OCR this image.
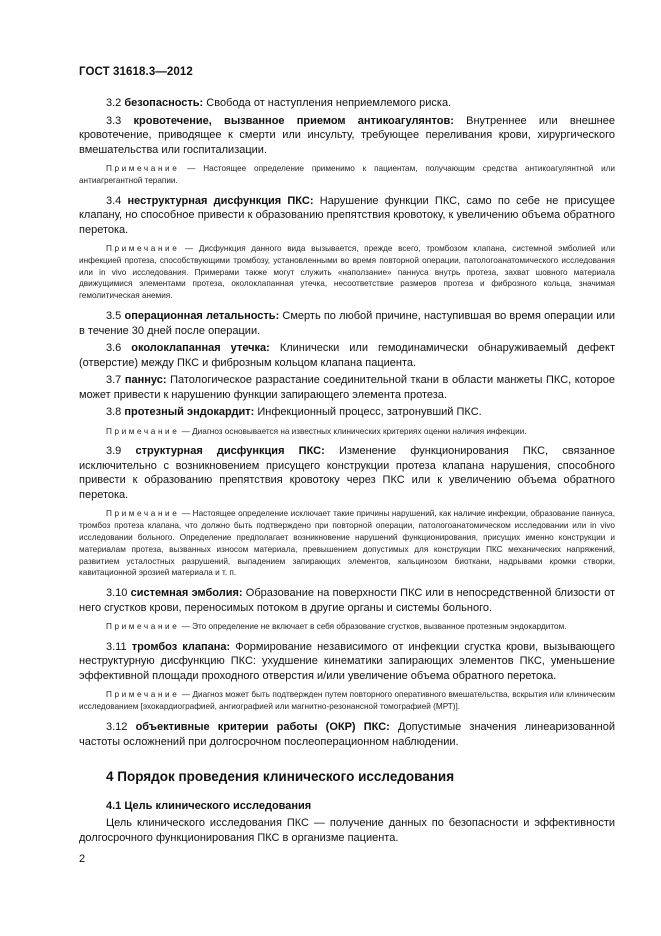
ГОСТ 31618.3—2012

3.2 безопасность: Свобода от наступления неприемлемого риска.

3.3 кровотечение, вызванное приемом антикоагулянтов: Внутреннее или внешнее кровотечение, приводящее к смерти или инсульту, требующее переливания крови, хирургического вмешательства или госпитализации.

Примечание — Настоящее определение применимо к пациентам, получающим средства антикоагулянтной или антиагрегантной терапии.

3.4 неструктурная дисфункция ПКС: Нарушение функции ПКС, само по себе не присущее клапану, но способное привести к образованию препятствия кровотоку, к увеличению объема обратного перетока.

Примечание — Дисфункция данного вида вызывается, прежде всего, тромбозом клапана, системной эмболией или инфекцией протеза, способствующими тромбозу, установленными во время повторной операции, патологоанатомического исследования или in vivo исследования. Примерами также могут служить «наползание» паннуса внутрь протеза, захват шовного материала движущимися элементами протеза, околоклапанная утечка, несоответствие размеров протеза и фиброзного кольца, значимая гемолитическая анемия.

3.5 операционная летальность: Смерть по любой причине, наступившая во время операции или в течение 30 дней после операции.

3.6 околоклапанная утечка: Клинически или гемодинамически обнаруживаемый дефект (отверстие) между ПКС и фиброзным кольцом клапана пациента.

3.7 паннус: Патологическое разрастание соединительной ткани в области манжеты ПКС, которое может привести к нарушению функции запирающего элемента протеза.

3.8 протезный эндокардит: Инфекционный процесс, затронувший ПКС.

Примечание — Диагноз основывается на известных клинических критериях оценки наличия инфекции.

3.9 структурная дисфункция ПКС: Изменение функционирования ПКС, связанное исключительно с возникновением присущего конструкции протеза клапана нарушения, способного привести к образованию препятствия кровотоку через ПКС или к увеличению объема обратного перетока.

Примечание — Настоящее определение исключает такие причины нарушений, как наличие инфекции, образование паннуса, тромбоз протеза клапана, что должно быть подтверждено при повторной операции, патологоанатомическом исследовании или in vivo исследовании больного. Определение предполагает возникновение нарушений функционирования, присущих именно конструкции и материалам протеза, вызванных износом материала, превышением допустимых для конструкции ПКС механических напряжений, развитием усталостных разрушений, выпадением запирающих элементов, кальцинозом биоткани, надрывами кромки створки, кавитационной эрозией материала и т. п.

3.10 системная эмболия: Образование на поверхности ПКС или в непосредственной близости от него сгустков крови, переносимых потоком в другие органы и системы больного.

Примечание — Это определение не включает в себя образование сгустков, вызванное протезным эндокардитом.

3.11 тромбоз клапана: Формирование независимого от инфекции сгустка крови, вызывающего неструктурную дисфункцию ПКС: ухудшение кинематики запирающих элементов ПКС, уменьшение эффективной площади проходного отверстия и/или увеличение объема обратного перетока.

Примечание — Диагноз может быть подтвержден путем повторного оперативного вмешательства, вскрытия или клиническим исследованием [эхокардиографией, ангиографией или магнитно-резонансной томографией (МРТ)].

3.12 объективные критерии работы (ОКР) ПКС: Допустимые значения линеаризованной частоты осложнений при долгосрочном послеоперационном наблюдении.

4 Порядок проведения клинического исследования

4.1 Цель клинического исследования

Цель клинического исследования ПКС — получение данных по безопасности и эффективности долгосрочного функционирования ПКС в организме пациента.

2
